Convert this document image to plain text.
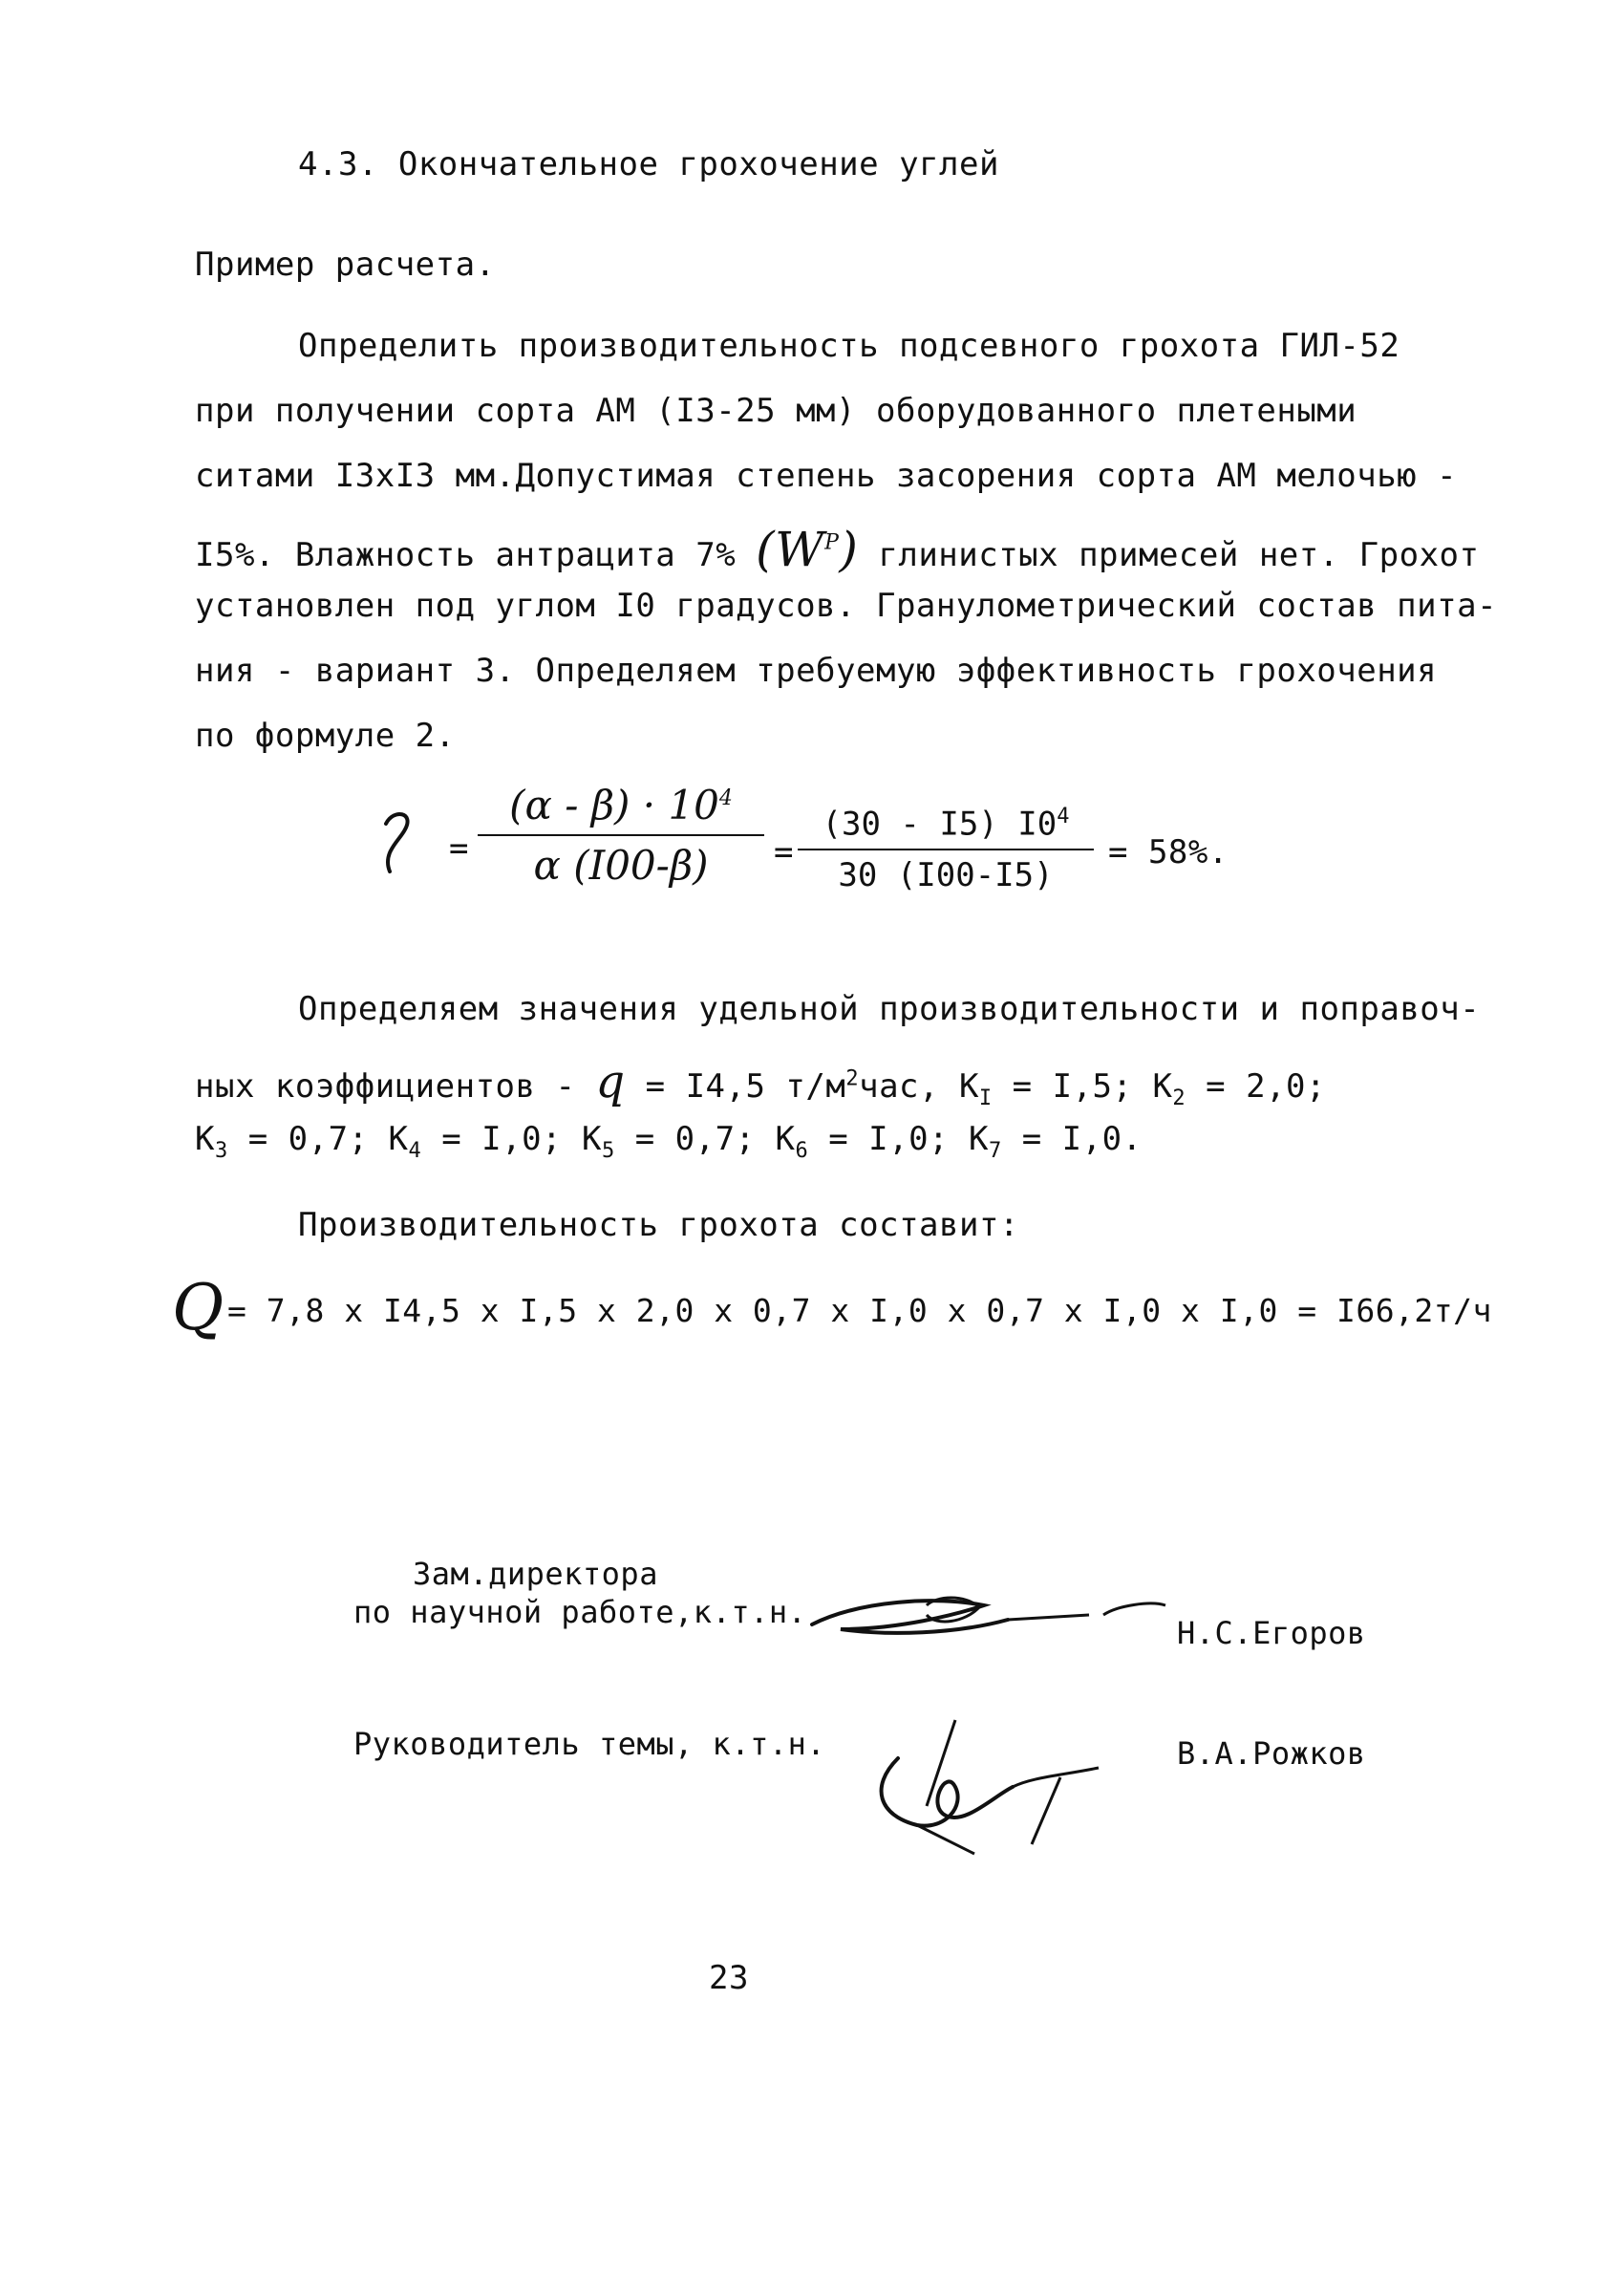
4.3. Окончательное грохочение углей
Пример расчета.
Определить производительность подсевного грохота ГИЛ-52
при получении сорта АМ (I3-25 мм) оборудованного плетеными
ситами I3xI3 мм.Допустимая степень засорения сорта АМ мелочью -
I5%. Влажность антрацита 7% $(W^P)$ глинистых примесей нет. Грохот
установлен под углом I0 градусов. Гранулометрический состав пита-
ния - вариант 3. Определяем требуемую эффективность грохочения
по формуле 2.
= $\frac{(\alpha - \beta) \cdot 10^4}{\alpha (I00-\beta)} = \frac{(30 - I5) I0^4}{30 (I00-I5)} = 58\%$.
Определяем значения удельной производительности и поправоч-
ных коэффициентов - q = I4,5 $т/м^2час$, $K_I = I,5$; $K_2 = 2,0$;
$K_3 = 0,7$; $K_4 = I,0$; $K_5 = 0,7$; $K_6 = I,0$; $K_7 = I,0$.
Производительность грохота составит:
Q = 7,8 x I4,5 x I,5 x 2,0 x 0,7 x I,0 x 0,7 x I,0 x I,0 = I66,2т/ч
Зам.директора
по научной работе,к.т.н.
Н.С.Егоров
Руководитель темы, к.т.н.	В.А.Рожков
23
